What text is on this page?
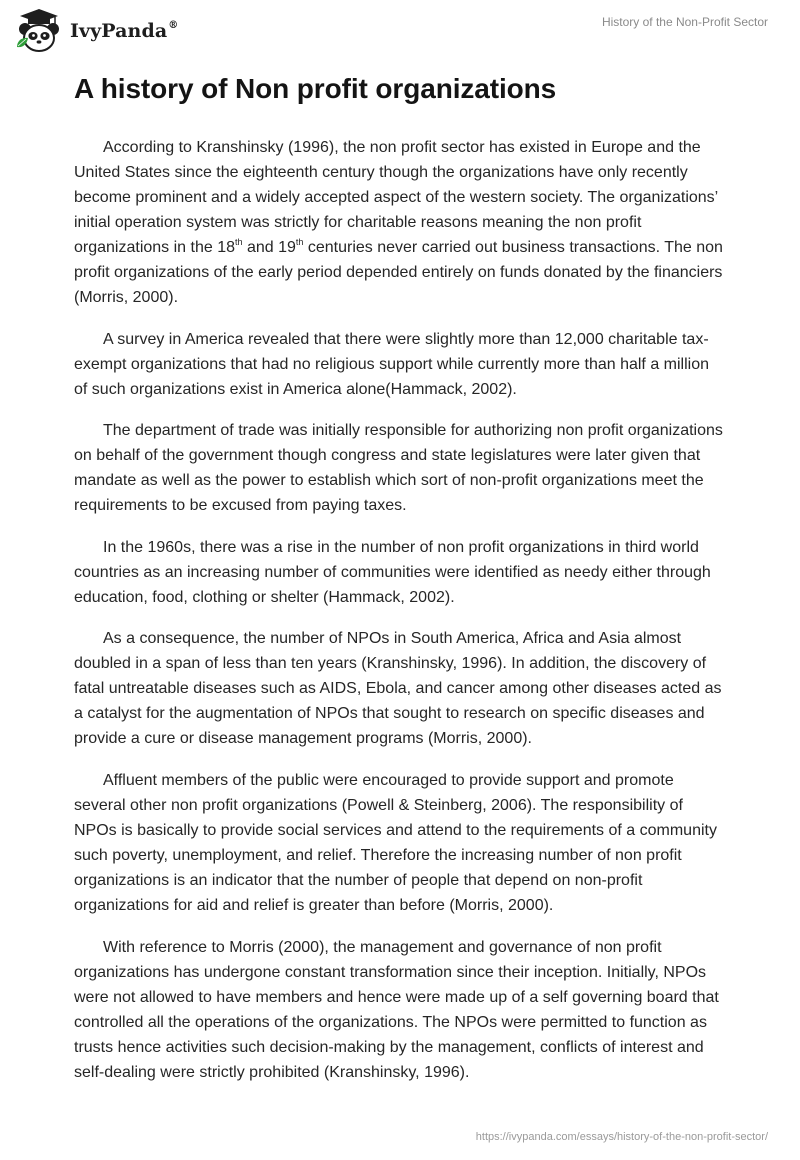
IvyPanda®	History of the Non-Profit Sector
A history of Non profit organizations

According to Kranshinsky (1996), the non profit sector has existed in Europe and the United States since the eighteenth century though the organizations have only recently become prominent and a widely accepted aspect of the western society. The organizations’ initial operation system was strictly for charitable reasons meaning the non profit organizations in the 18th and 19th centuries never carried out business transactions. The non profit organizations of the early period depended entirely on funds donated by the financiers (Morris, 2000).

A survey in America revealed that there were slightly more than 12,000 charitable tax-exempt organizations that had no religious support while currently more than half a million of such organizations exist in America alone(Hammack, 2002).

The department of trade was initially responsible for authorizing non profit organizations on behalf of the government though congress and state legislatures were later given that mandate as well as the power to establish which sort of non-profit organizations meet the requirements to be excused from paying taxes.

In the 1960s, there was a rise in the number of non profit organizations in third world countries as an increasing number of communities were identified as needy either through education, food, clothing or shelter (Hammack, 2002).

As a consequence, the number of NPOs in South America, Africa and Asia almost doubled in a span of less than ten years (Kranshinsky, 1996). In addition, the discovery of fatal untreatable diseases such as AIDS, Ebola, and cancer among other diseases acted as a catalyst for the augmentation of NPOs that sought to research on specific diseases and provide a cure or disease management programs (Morris, 2000).

Affluent members of the public were encouraged to provide support and promote several other non profit organizations (Powell & Steinberg, 2006). The responsibility of NPOs is basically to provide social services and attend to the requirements of a community such poverty, unemployment, and relief. Therefore the increasing number of non profit organizations is an indicator that the number of people that depend on non-profit organizations for aid and relief is greater than before (Morris, 2000).

With reference to Morris (2000), the management and governance of non profit organizations has undergone constant transformation since their inception. Initially, NPOs were not allowed to have members and hence were made up of a self governing board that controlled all the operations of the organizations. The NPOs were permitted to function as trusts hence activities such decision-making by the management, conflicts of interest and self-dealing were strictly prohibited (Kranshinsky, 1996).

https://ivypanda.com/essays/history-of-the-non-profit-sector/
